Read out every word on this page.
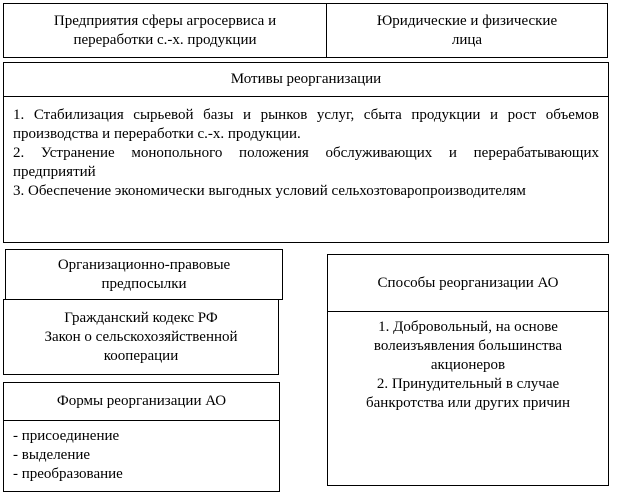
Предприятия сферы агросервиса и
переработки с.-х. продукции
Юридические и физические
лица
Мотивы реорганизации
1. Стабилизация сырьевой базы и рынков услуг, сбыта продукции и рост объемов производства и переработки с.-х. продукции.
2. Устранение монопольного положения обслуживающих и перерабатывающих предприятий
3. Обеспечение экономически выгодных условий сельхозтоваропроизводителям
Организационно-правовые
предпосылки
Гражданский кодекс РФ
Закон о сельскохозяйственной
кооперации
Формы реорганизации АО
- присоединение
- выделение
- преобразование
Способы реорганизации АО
1. Добровольный, на основе
волеизъявления большинства
акционеров
2. Принудительный в случае
банкротства или других причин
